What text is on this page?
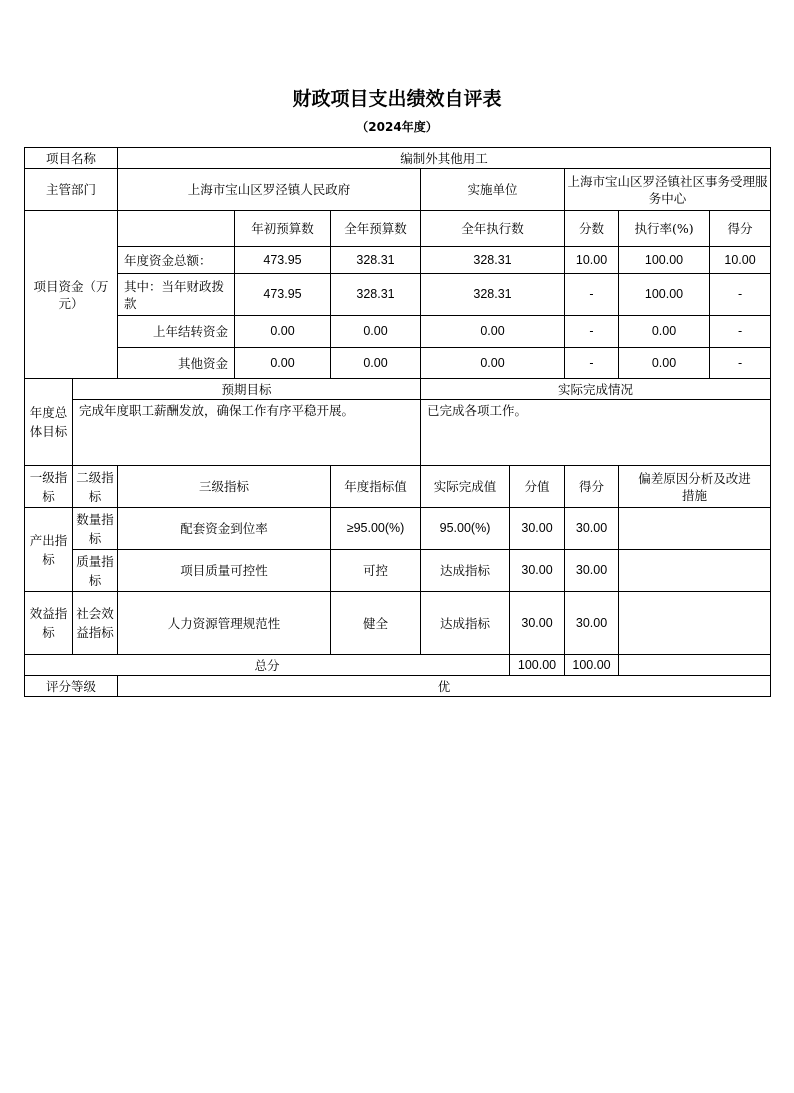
财政项目支出绩效自评表
（2024年度）
项目名称		编制外其他用工							
主管部门		上海市宝山区罗泾镇人民政府			实施单位		上海市宝山区罗泾镇社区事务受理服务中心		
项目资金（万元）			年初预算数	全年预算数	全年执行数		分数	执行率(%)	得分
		年度资金总额：	473.95	328.31	328.31		10.00	100.00	10.00
		其中：当年财政拨款	473.95	328.31	328.31		-	100.00	-
		上年结转资金	0.00	0.00	0.00		-	0.00	-
		其他资金	0.00	0.00	0.00		-	0.00	-
年度总体目标	预期目标				实际完成情况				
	完成年度职工薪酬发放，确保工作有序平稳开展。				已完成各项工作。				
一级指标	二级指标	三级指标		年度指标值	实际完成值	分值	得分	偏差原因分析及改进措施	
产出指标	数量指标	配套资金到位率		≥95.00(%)	95.00(%)	30.00	30.00		
	质量指标	项目质量可控性		可控	达成指标	30.00	30.00		
效益指标	社会效益指标	人力资源管理规范性		健全	达成指标	30.00	30.00		
总分						100.00	100.00		
评分等级		优							
